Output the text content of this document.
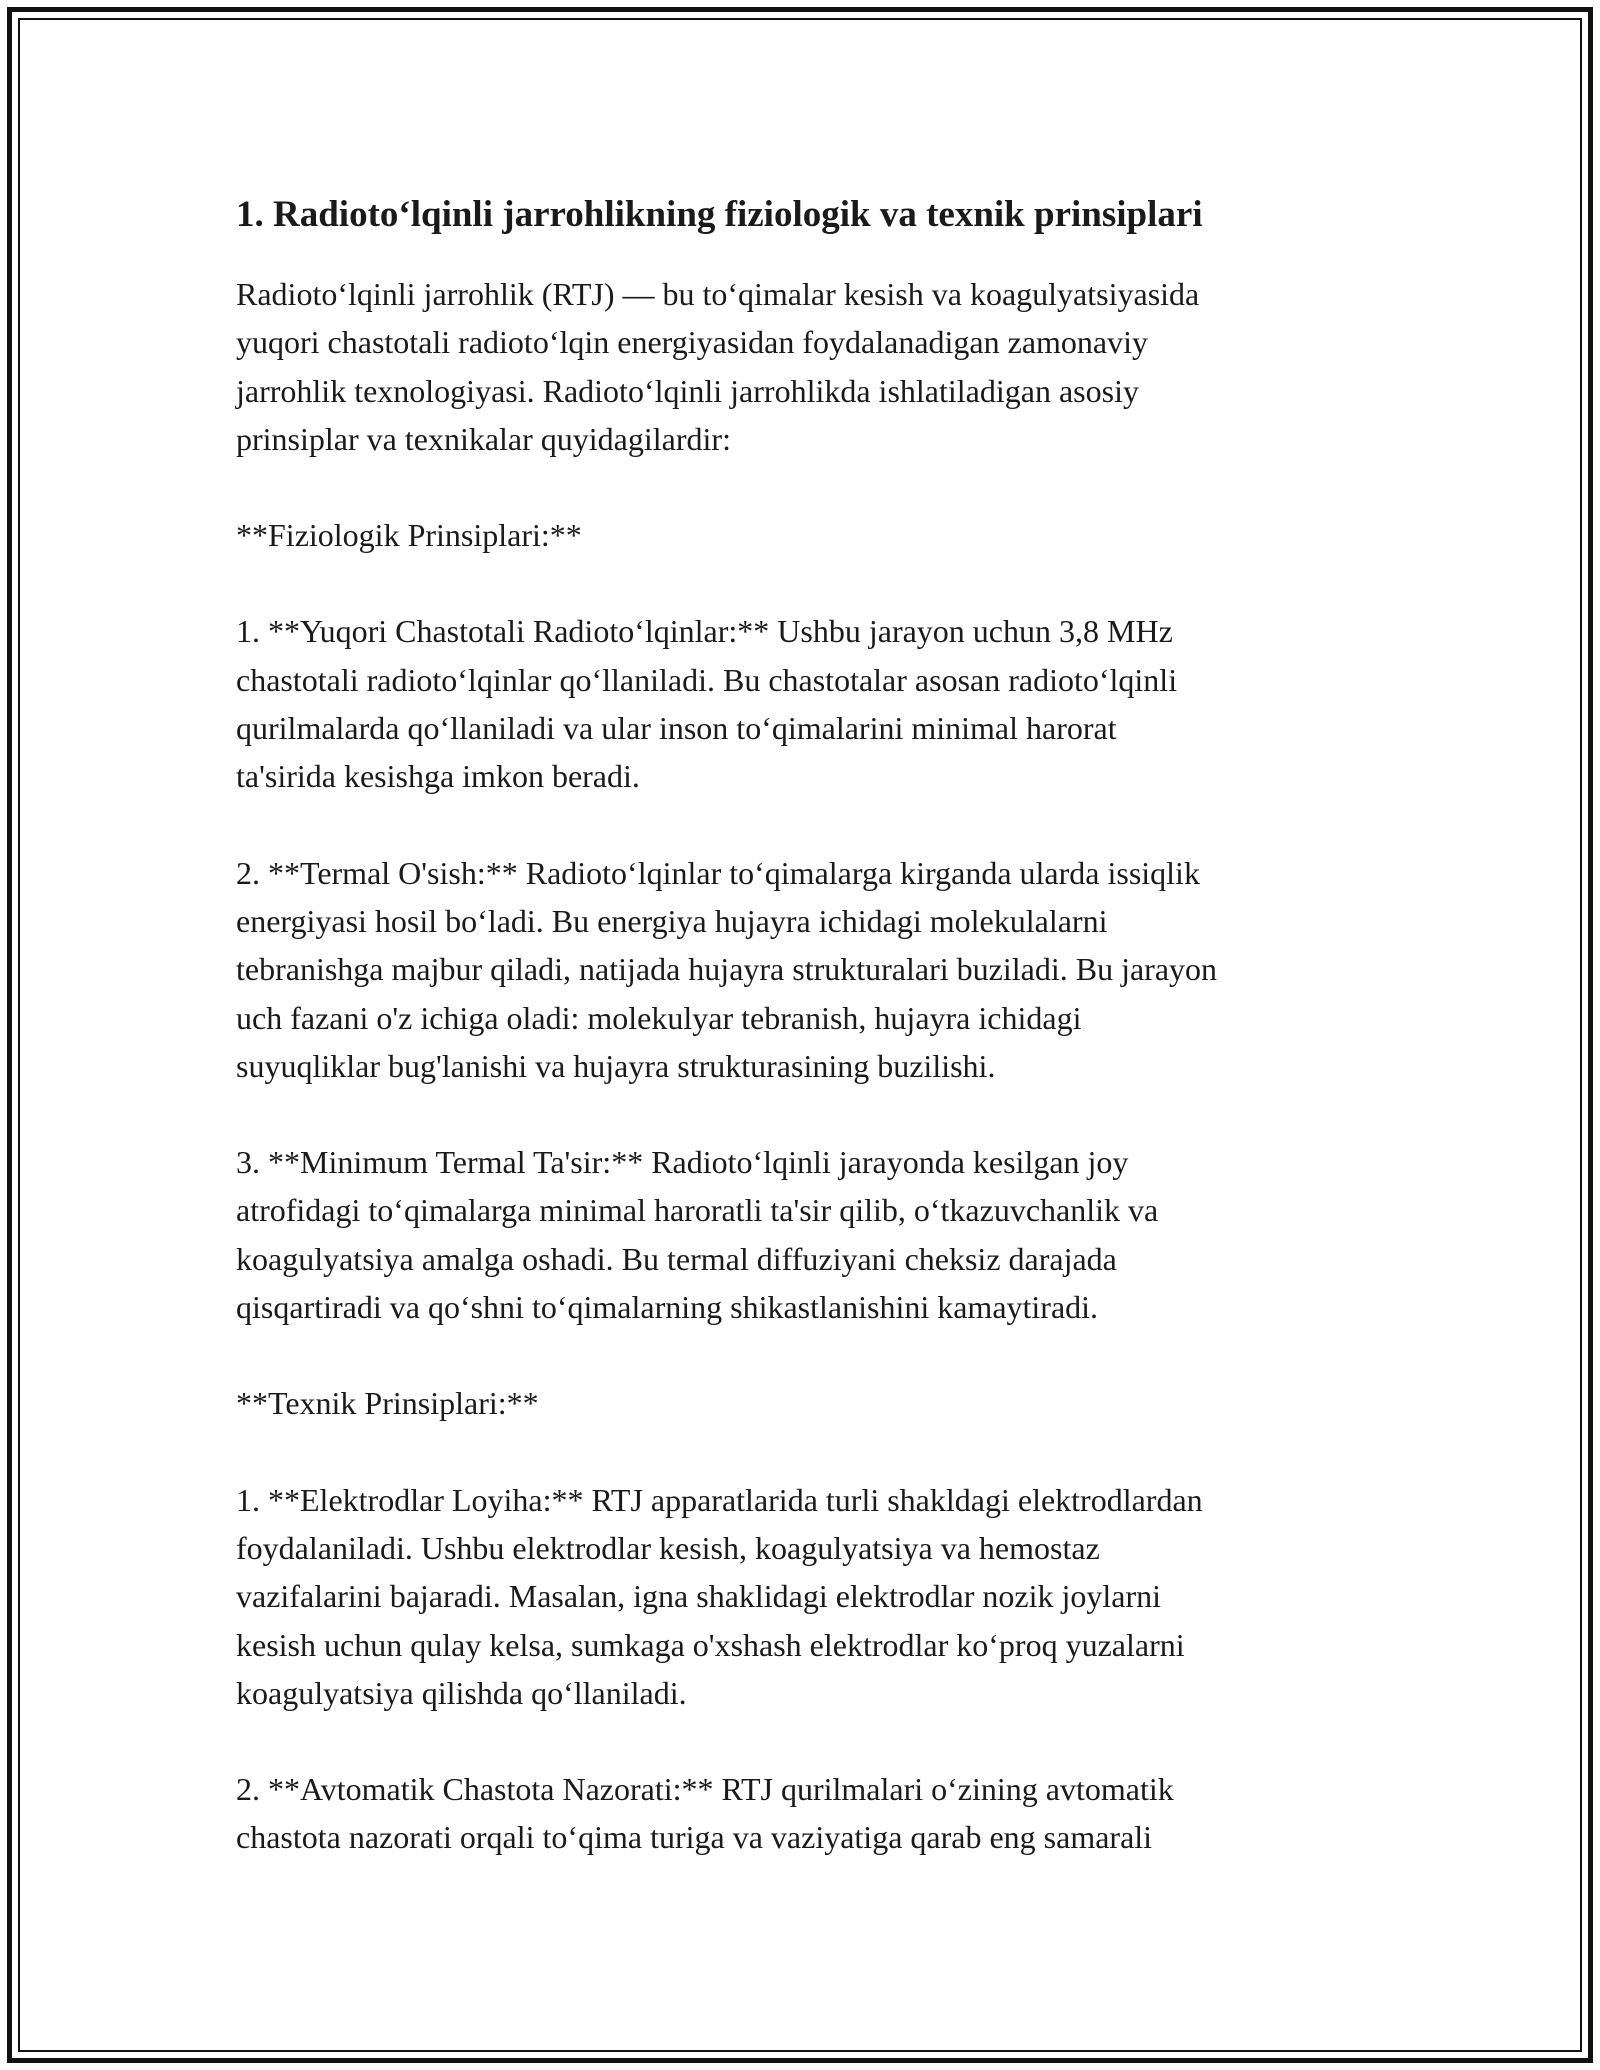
1. Radioto‘lqinli jarrohlikning fiziologik va texnik prinsiplari

Radioto‘lqinli jarrohlik (RTJ) — bu to‘qimalar kesish va koagulyatsiyasida
yuqori chastotali radioto‘lqin energiyasidan foydalanadigan zamonaviy
jarrohlik texnologiyasi. Radioto‘lqinli jarrohlikda ishlatiladigan asosiy
prinsiplar va texnikalar quyidagilardir:

**Fiziologik Prinsiplari:**

1. **Yuqori Chastotali Radioto‘lqinlar:** Ushbu jarayon uchun 3,8 MHz
chastotali radioto‘lqinlar qo‘llaniladi. Bu chastotalar asosan radioto‘lqinli
qurilmalarda qo‘llaniladi va ular inson to‘qimalarini minimal harorat
ta'sirida kesishga imkon beradi.

2. **Termal O'sish:** Radioto‘lqinlar to‘qimalarga kirganda ularda issiqlik
energiyasi hosil bo‘ladi. Bu energiya hujayra ichidagi molekulalarni
tebranishga majbur qiladi, natijada hujayra strukturalari buziladi. Bu jarayon
uch fazani o'z ichiga oladi: molekulyar tebranish, hujayra ichidagi
suyuqliklar bug'lanishi va hujayra strukturasining buzilishi.

3. **Minimum Termal Ta'sir:** Radioto‘lqinli jarayonda kesilgan joy
atrofidagi to‘qimalarga minimal haroratli ta'sir qilib, o‘tkazuvchanlik va
koagulyatsiya amalga oshadi. Bu termal diffuziyani cheksiz darajada
qisqartiradi va qo‘shni to‘qimalarning shikastlanishini kamaytiradi.

**Texnik Prinsiplari:**

1. **Elektrodlar Loyiha:** RTJ apparatlarida turli shakldagi elektrodlardan
foydalaniladi. Ushbu elektrodlar kesish, koagulyatsiya va hemostaz
vazifalarini bajaradi. Masalan, igna shaklidagi elektrodlar nozik joylarni
kesish uchun qulay kelsa, sumkaga o'xshash elektrodlar ko‘proq yuzalarni
koagulyatsiya qilishda qo‘llaniladi.

2. **Avtomatik Chastota Nazorati:** RTJ qurilmalari o‘zining avtomatik
chastota nazorati orqali to‘qima turiga va vaziyatiga qarab eng samarali
